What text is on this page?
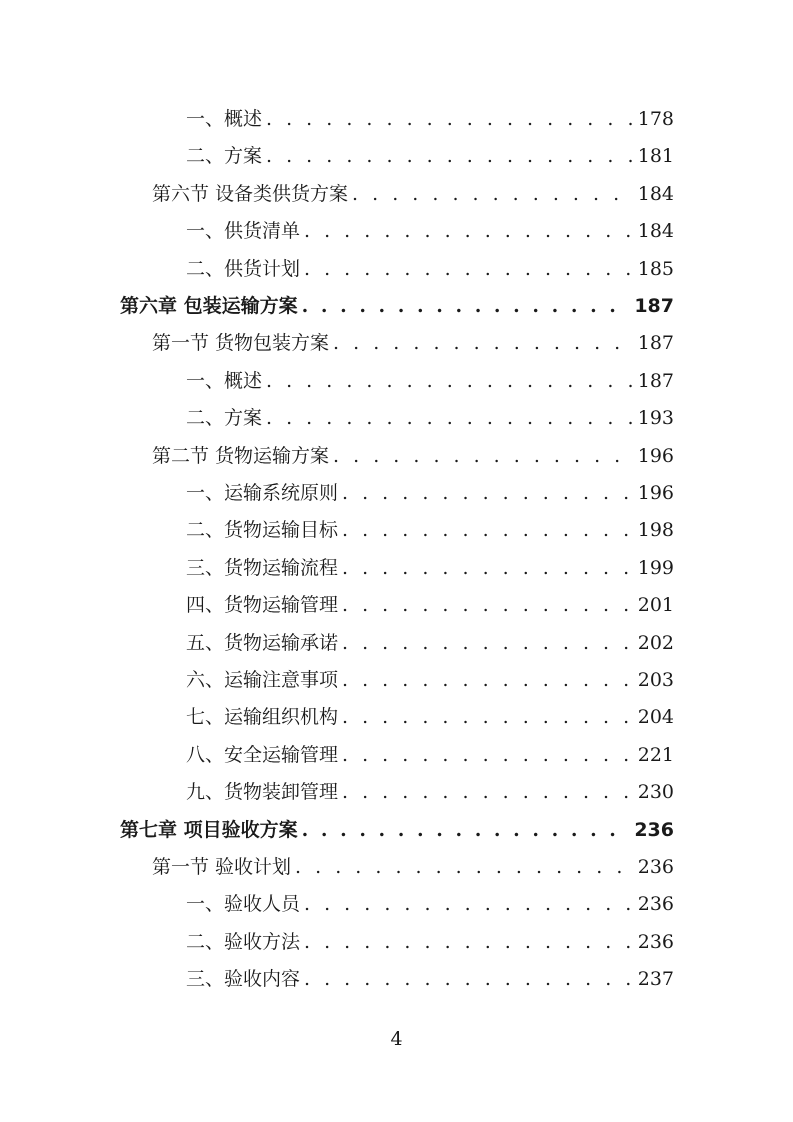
一、概述 . . .	178
二、方案 . . .	181
第六节 设备类供货方案 . . .	184
一、供货清单 . . .	184
二、供货计划 . . .	185
第六章 包装运输方案 . . .	187
第一节 货物包装方案 . . .	187
一、概述 . . .	187
二、方案 . . .	193
第二节 货物运输方案 . . .	196
一、运输系统原则 . . .	196
二、货物运输目标 . . .	198
三、货物运输流程 . . .	199
四、货物运输管理 . . .	201
五、货物运输承诺 . . .	202
六、运输注意事项 . . .	203
七、运输组织机构 . . .	204
八、安全运输管理 . . .	221
九、货物装卸管理 . . .	230
第七章 项目验收方案 . . .	236
第一节 验收计划 . . .	236
一、验收人员 . . .	236
二、验收方法 . . .	236
三、验收内容 . . .	237
4
